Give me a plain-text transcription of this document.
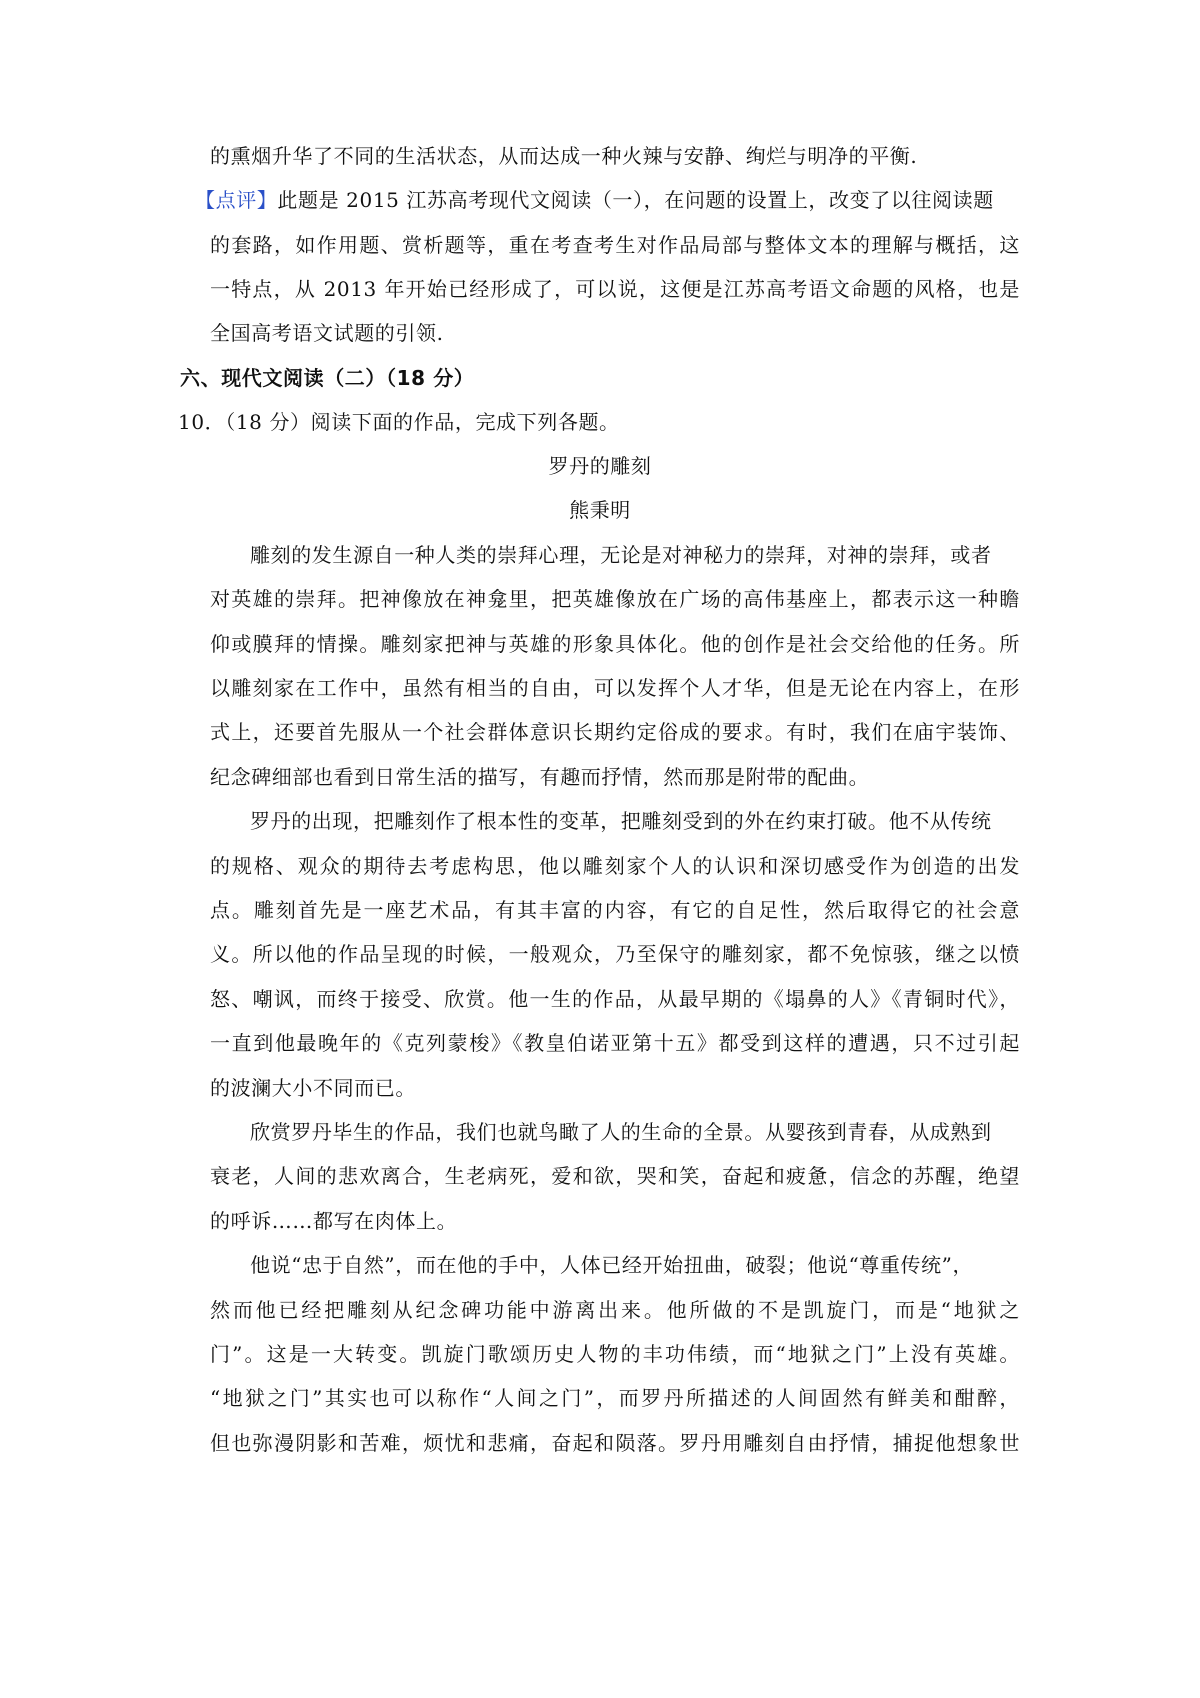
的熏烟升华了不同的生活状态，从而达成一种火辣与安静、绚烂与明净的平衡.
【点评】此题是 2015 江苏高考现代文阅读（一），在问题的设置上，改变了以往阅读题
的套路，如作用题、赏析题等，重在考查考生对作品局部与整体文本的理解与概括，这
一特点，从 2013 年开始已经形成了，可以说，这便是江苏高考语文命题的风格，也是
全国高考语文试题的引领.
六、现代文阅读（二）（18 分）
10．（18 分）阅读下面的作品，完成下列各题。
罗丹的雕刻
熊秉明
雕刻的发生源自一种人类的崇拜心理，无论是对神秘力的崇拜，对神的崇拜，或者
对英雄的崇拜。把神像放在神龛里，把英雄像放在广场的高伟基座上，都表示这一种瞻
仰或膜拜的情操。雕刻家把神与英雄的形象具体化。他的创作是社会交给他的任务。所
以雕刻家在工作中，虽然有相当的自由，可以发挥个人才华，但是无论在内容上，在形
式上，还要首先服从一个社会群体意识长期约定俗成的要求。有时，我们在庙宇装饰、
纪念碑细部也看到日常生活的描写，有趣而抒情，然而那是附带的配曲。
罗丹的出现，把雕刻作了根本性的变革，把雕刻受到的外在约束打破。他不从传统
的规格、观众的期待去考虑构思，他以雕刻家个人的认识和深切感受作为创造的出发
点。雕刻首先是一座艺术品，有其丰富的内容，有它的自足性，然后取得它的社会意
义。所以他的作品呈现的时候，一般观众，乃至保守的雕刻家，都不免惊骇，继之以愤
怒、嘲讽，而终于接受、欣赏。他一生的作品，从最早期的《塌鼻的人》《青铜时代》，
一直到他最晚年的《克列蒙梭》《教皇伯诺亚第十五》都受到这样的遭遇，只不过引起
的波澜大小不同而已。
欣赏罗丹毕生的作品，我们也就鸟瞰了人的生命的全景。从婴孩到青春，从成熟到
衰老，人间的悲欢离合，生老病死，爱和欲，哭和笑，奋起和疲惫，信念的苏醒，绝望
的呼诉……都写在肉体上。
他说“忠于自然”，而在他的手中，人体已经开始扭曲，破裂；他说“尊重传统”，
然而他已经把雕刻从纪念碑功能中游离出来。他所做的不是凯旋门，而是“地狱之
门”。这是一大转变。凯旋门歌颂历史人物的丰功伟绩，而“地狱之门”上没有英雄。
“地狱之门”其实也可以称作“人间之门”，而罗丹所描述的人间固然有鲜美和酣醉，
但也弥漫阴影和苦难，烦忧和悲痛，奋起和陨落。罗丹用雕刻自由抒情，捕捉他想象世
